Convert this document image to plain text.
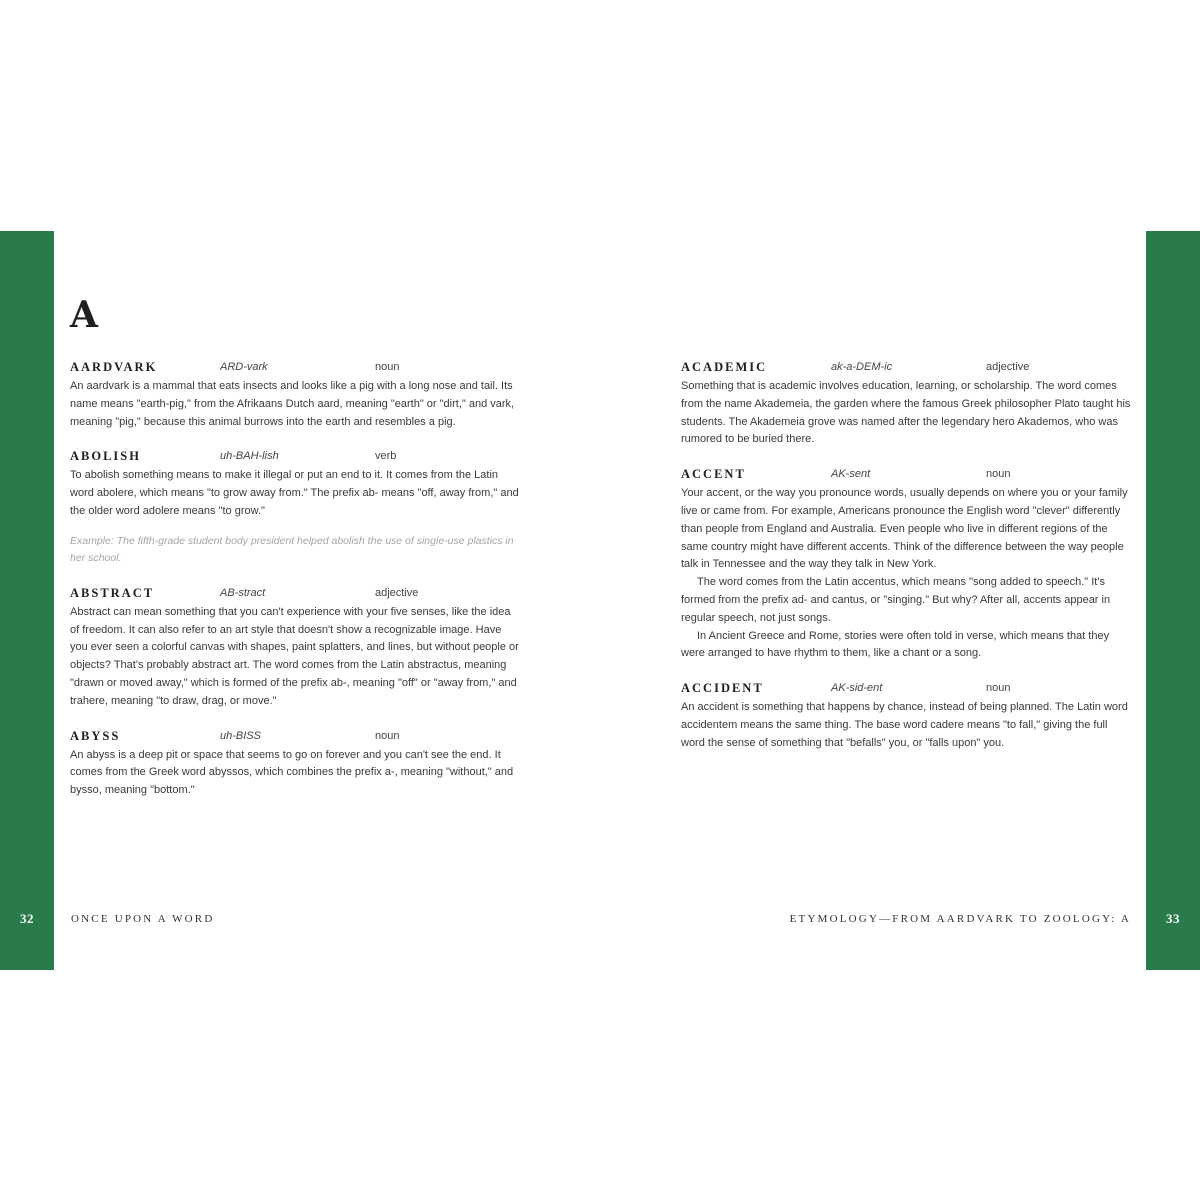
32	33
ONCE UPON A WORD	ETYMOLOGY—FROM AARDVARK TO ZOOLOGY: A
A
AARDVARK	ARD-vark	noun

An aardvark is a mammal that eats insects and looks like a pig with a long nose and tail. Its name means "earth-pig," from the Afrikaans Dutch aard, meaning "earth" or "dirt," and vark, meaning "pig," because this animal burrows into the earth and resembles a pig.

ABOLISH	uh-BAH-lish	verb

To abolish something means to make it illegal or put an end to it. It comes from the Latin word abolere, which means "to grow away from." The prefix ab- means "off, away from," and the older word adolere means "to grow."

Example: The fifth-grade student body president helped abolish the use of single-use plastics in her school.
ABSTRACT	AB-stract	adjective

Abstract can mean something that you can't experience with your five senses, like the idea of freedom. It can also refer to an art style that doesn't show a recognizable image. Have you ever seen a colorful canvas with shapes, paint splatters, and lines, but without people or objects? That's probably abstract art. The word comes from the Latin abstractus, meaning "drawn or moved away," which is formed of the prefix ab-, meaning "off" or "away from," and trahere, meaning "to draw, drag, or move."

ABYSS	uh-BISS	noun

An abyss is a deep pit or space that seems to go on forever and you can't see the end. It comes from the Greek word abyssos, which combines the prefix a-, meaning "without," and bysso, meaning "bottom."

ACADEMIC	ak-a-DEM-ic	adjective

Something that is academic involves education, learning, or scholarship. The word comes from the name Akademeia, the garden where the famous Greek philosopher Plato taught his students. The Akademeia grove was named after the legendary hero Akademos, who was rumored to be buried there.

ACCENT	AK-sent	noun

Your accent, or the way you pronounce words, usually depends on where you or your family live or came from. For example, Americans pronounce the English word "clever" differently than people from England and Australia. Even people who live in different regions of the same country might have different accents. Think of the difference between the way people talk in Tennessee and the way they talk in New York.

The word comes from the Latin accentus, which means "song added to speech." It's formed from the prefix ad- and cantus, or "singing." But why? After all, accents appear in regular speech, not just songs.

In Ancient Greece and Rome, stories were often told in verse, which means that they were arranged to have rhythm to them, like a chant or a song.

ACCIDENT	AK-sid-ent	noun

An accident is something that happens by chance, instead of being planned. The Latin word accidentem means the same thing. The base word cadere means "to fall," giving the full word the sense of something that "befalls" you, or "falls upon" you.
